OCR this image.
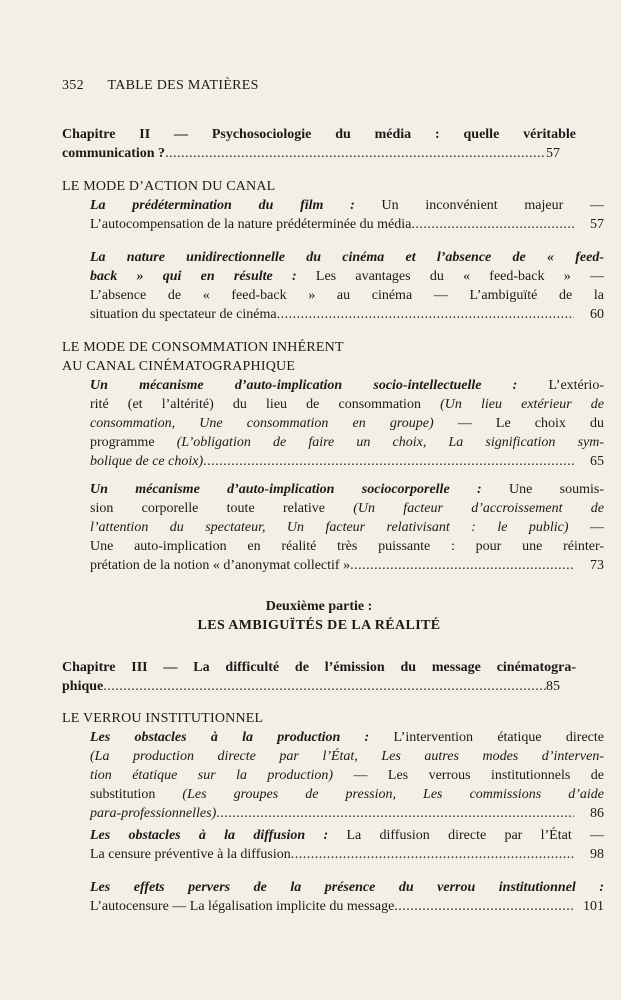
352 TABLE DES MATIÈRES
Chapitre II — Psychosociologie du média : quelle véritable
communication ? .....	57
LE MODE D’ACTION DU CANAL
La prédétermination du film : Un inconvénient majeur —
L’autocompensation de la nature prédéterminée du média .....	57
La nature unidirectionnelle du cinéma et l’absence de « feed-
back » qui en résulte : Les avantages du « feed-back » —
L’absence de « feed-back » au cinéma — L’ambiguïté de la
situation du spectateur de cinéma .....	60
LE MODE DE CONSOMMATION INHÉRENT
AU CANAL CINÉMATOGRAPHIQUE
Un mécanisme d’auto-implication socio-intellectuelle : L’extério-
rité (et l’altérité) du lieu de consommation (Un lieu extérieur de
consommation, Une consommation en groupe) — Le choix du
programme (L’obligation de faire un choix, La signification sym-
bolique de ce choix) .....	65
Un mécanisme d’auto-implication sociocorporelle : Une soumis-
sion corporelle toute relative (Un facteur d’accroissement de
l’attention du spectateur, Un facteur relativisant : le public) —
Une auto-implication en réalité très puissante : pour une réinter-
prétation de la notion « d’anonymat collectif » .....	73
Deuxième partie :
LES AMBIGUÏTÉS DE LA RÉALITÉ
Chapitre III — La difficulté de l’émission du message cinématogra-
phique .....	85
LE VERROU INSTITUTIONNEL
Les obstacles à la production : L’intervention étatique directe
(La production directe par l’État, Les autres modes d’interven-
tion étatique sur la production) — Les verrous institutionnels de
substitution (Les groupes de pression, Les commissions d’aide
para-professionnelles) .....	86
Les obstacles à la diffusion : La diffusion directe par l’État —
La censure préventive à la diffusion .....	98
Les effets pervers de la présence du verrou institutionnel :
L’autocensure — La légalisation implicite du message .....	101
